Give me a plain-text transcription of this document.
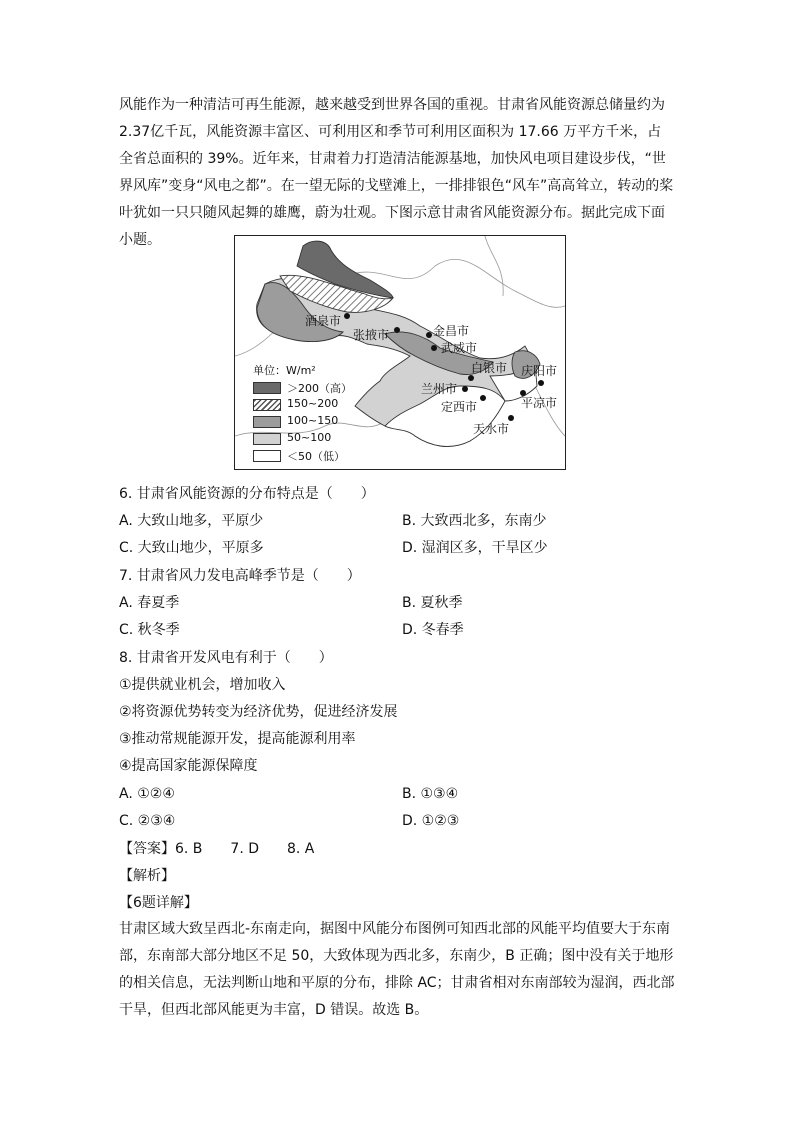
风能作为一种清洁可再生能源，越来越受到世界各国的重视。甘肃省风能资源总储量约为2.37亿千瓦，风能资源丰富区、可利用区和季节可利用区面积为 17.66 万平方千米，占全省总面积的 39%。近年来，甘肃着力打造清洁能源基地，加快风电项目建设步伐，“世界风库”变身“风电之都”。在一望无际的戈壁滩上，一排排银色“风车”高高耸立，转动的桨叶犹如一只只随风起舞的雄鹰，蔚为壮观。下图示意甘肃省风能资源分布。据此完成下面小题。

酒泉市
张掖市	金昌市
武威市
白银市
兰州市
定西市
天水市
庆阳市
平凉市
单位：W/m²
＞200（高）
150~200
100~150
50~100
＜50（低）
6. 甘肃省风能资源的分布特点是（　　）
A. 大致山地多，平原少	B. 大致西北多，东南少
C. 大致山地少，平原多	D. 湿润区多，干旱区少
7. 甘肃省风力发电高峰季节是（　　）
A. 春夏季	B. 夏秋季
C. 秋冬季	D. 冬春季
8. 甘肃省开发风电有利于（　　）
①提供就业机会，增加收入
②将资源优势转变为经济优势，促进经济发展
③推动常规能源开发，提高能源利用率
④提高国家能源保障度
A. ①②④	B. ①③④
C. ②③④	D. ①②③
【答案】6. B　　7. D　　8. A
【解析】
【6题详解】

甘肃区域大致呈西北-东南走向，据图中风能分布图例可知西北部的风能平均值要大于东南部，东南部大部分地区不足 50，大致体现为西北多，东南少，B 正确；图中没有关于地形的相关信息，无法判断山地和平原的分布，排除 AC；甘肃省相对东南部较为湿润，西北部干旱，但西北部风能更为丰富，D 错误。故选 B。
